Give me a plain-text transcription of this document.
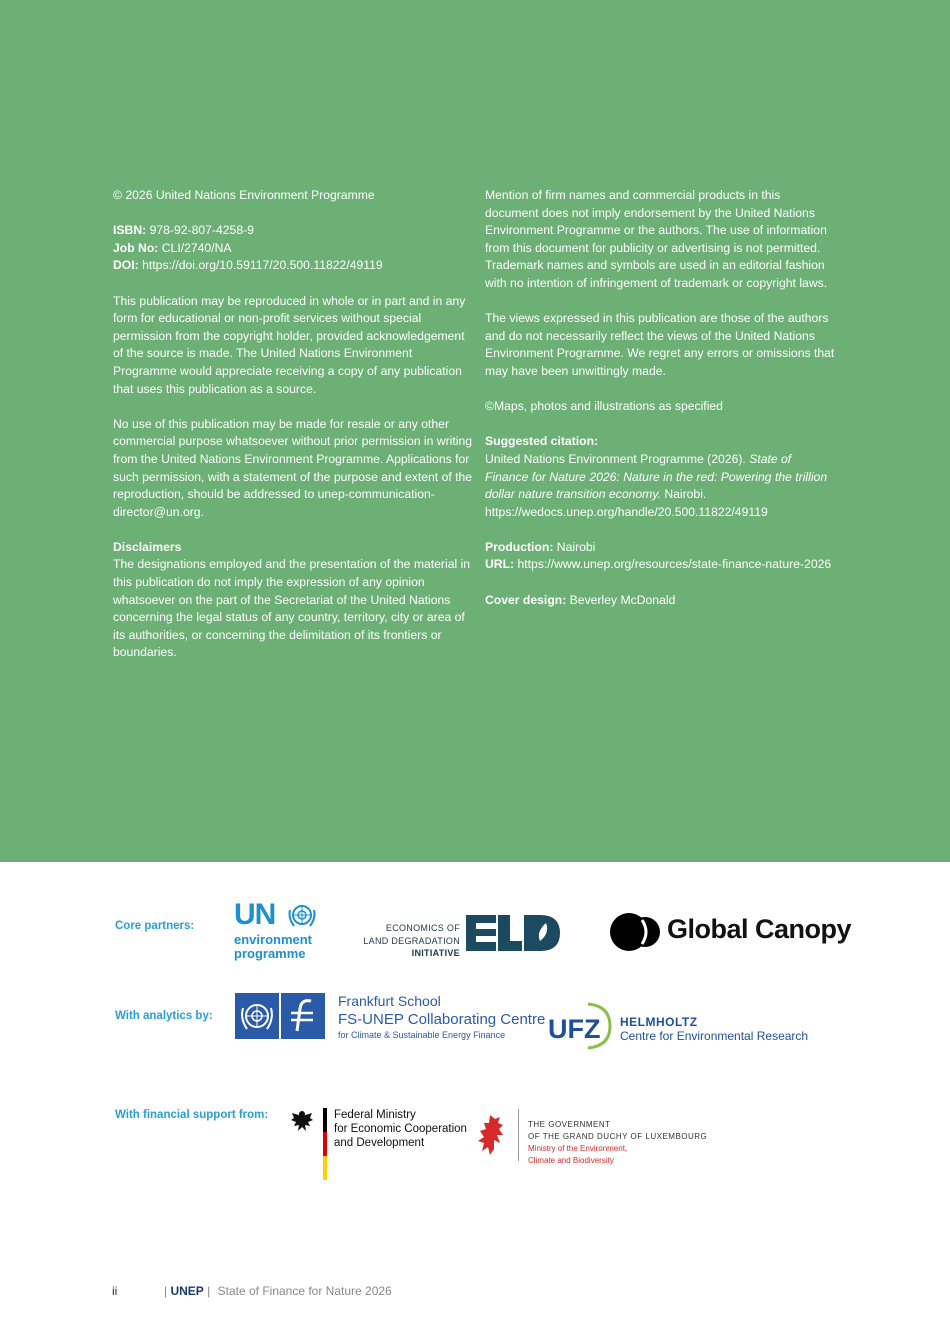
© 2026 United Nations Environment Programme

ISBN: 978-92-807-4258-9
Job No: CLI/2740/NA
DOI: https://doi.org/10.59117/20.500.11822/49119

This publication may be reproduced in whole or in part and in any form for educational or non-profit services without special permission from the copyright holder, provided acknowledgement of the source is made. The United Nations Environment Programme would appreciate receiving a copy of any publication that uses this publication as a source.

No use of this publication may be made for resale or any other commercial purpose whatsoever without prior permission in writing from the United Nations Environment Programme. Applications for such permission, with a statement of the purpose and extent of the reproduction, should be addressed to unep-communication-director@un.org.

Disclaimers
The designations employed and the presentation of the material in this publication do not imply the expression of any opinion whatsoever on the part of the Secretariat of the United Nations concerning the legal status of any country, territory, city or area of its authorities, or concerning the delimitation of its frontiers or boundaries.

Mention of firm names and commercial products in this document does not imply endorsement by the United Nations Environment Programme or the authors. The use of information from this document for publicity or advertising is not permitted. Trademark names and symbols are used in an editorial fashion with no intention of infringement of trademark or copyright laws.

The views expressed in this publication are those of the authors and do not necessarily reflect the views of the United Nations Environment Programme. We regret any errors or omissions that may have been unwittingly made.

©Maps, photos and illustrations as specified

Suggested citation:
United Nations Environment Programme (2026). State of Finance for Nature 2026: Nature in the red: Powering the trillion dollar nature transition economy. Nairobi. https://wedocs.unep.org/handle/20.500.11822/49119

Production: Nairobi
URL: https://www.unep.org/resources/state-finance-nature-2026

Cover design: Beverley McDonald

Core partners:
With analytics by:
With financial support from:
UN
environment
programme
ECONOMICS OF
LAND DEGRADATION
INITIATIVE
Global Canopy
Frankfurt School
FS-UNEP Collaborating Centre
for Climate & Sustainable Energy Finance UFZ HELMHOLTZ
Centre for Environmental Research
Federal Ministry
for Economic Cooperation
and Development
THE GOVERNMENT
OF THE GRAND DUCHY OF LUXEMBOURG
Ministry of the Environment,
Climate and Biodiversity
ii	| UNEP | State of Finance for Nature 2026
